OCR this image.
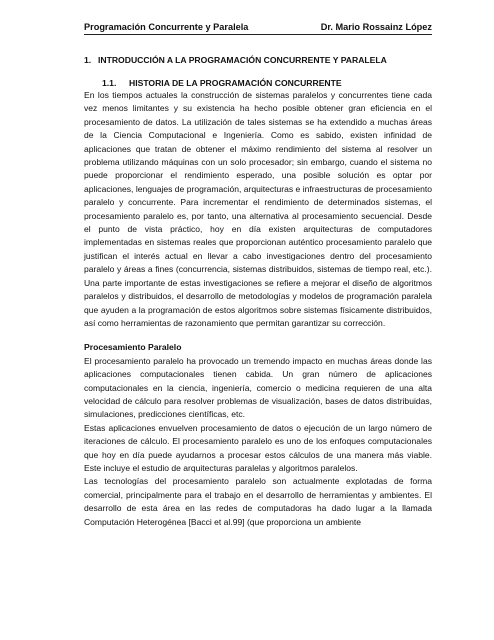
Programación Concurrente y Paralela	Dr. Mario Rossainz López
1. INTRODUCCIÓN A LA PROGRAMACIÓN CONCURRENTE Y PARALELA
1.1.	HISTORIA DE LA PROGRAMACIÓN CONCURRENTE

En los tiempos actuales la construcción de sistemas paralelos y concurrentes tiene cada vez menos limitantes y su existencia ha hecho posible obtener gran eficiencia en el procesamiento de datos. La utilización de tales sistemas se ha extendido a muchas áreas de la Ciencia Computacional e Ingeniería. Como es sabido, existen infinidad de aplicaciones que tratan de obtener el máximo rendimiento del sistema al resolver un problema utilizando máquinas con un solo procesador; sin embargo, cuando el sistema no puede proporcionar el rendimiento esperado, una posible solución es optar por aplicaciones, lenguajes de programación, arquitecturas e infraestructuras de procesamiento paralelo y concurrente. Para incrementar el rendimiento de determinados sistemas, el procesamiento paralelo es, por tanto, una alternativa al procesamiento secuencial. Desde el punto de vista práctico, hoy en día existen arquitecturas de computadores implementadas en sistemas reales que proporcionan auténtico procesamiento paralelo que justifican el interés actual en llevar a cabo investigaciones dentro del procesamiento paralelo y áreas a fines (concurrencia, sistemas distribuidos, sistemas de tiempo real, etc.). Una parte importante de estas investigaciones se refiere a mejorar el diseño de algoritmos paralelos y distribuidos, el desarrollo de metodologías y modelos de programación paralela que ayuden a la programación de estos algoritmos sobre sistemas físicamente distribuidos, así como herramientas de razonamiento que permitan garantizar su corrección.

Procesamiento Paralelo

El procesamiento paralelo ha provocado un tremendo impacto en muchas áreas donde las aplicaciones computacionales tienen cabida. Un gran número de aplicaciones computacionales en la ciencia, ingeniería, comercio o medicina requieren de una alta velocidad de cálculo para resolver problemas de visualización, bases de datos distribuidas, simulaciones, predicciones científicas, etc.

Estas aplicaciones envuelven procesamiento de datos o ejecución de un largo número de iteraciones de cálculo. El procesamiento paralelo es uno de los enfoques computacionales que hoy en día puede ayudarnos a procesar estos cálculos de una manera más viable. Este incluye el estudio de arquitecturas paralelas y algoritmos paralelos.

Las tecnologías del procesamiento paralelo son actualmente explotadas de forma comercial, principalmente para el trabajo en el desarrollo de herramientas y ambientes. El desarrollo de esta área en las redes de computadoras ha dado lugar a la llamada Computación Heterogénea [Bacci et al.99] (que proporciona un ambiente
